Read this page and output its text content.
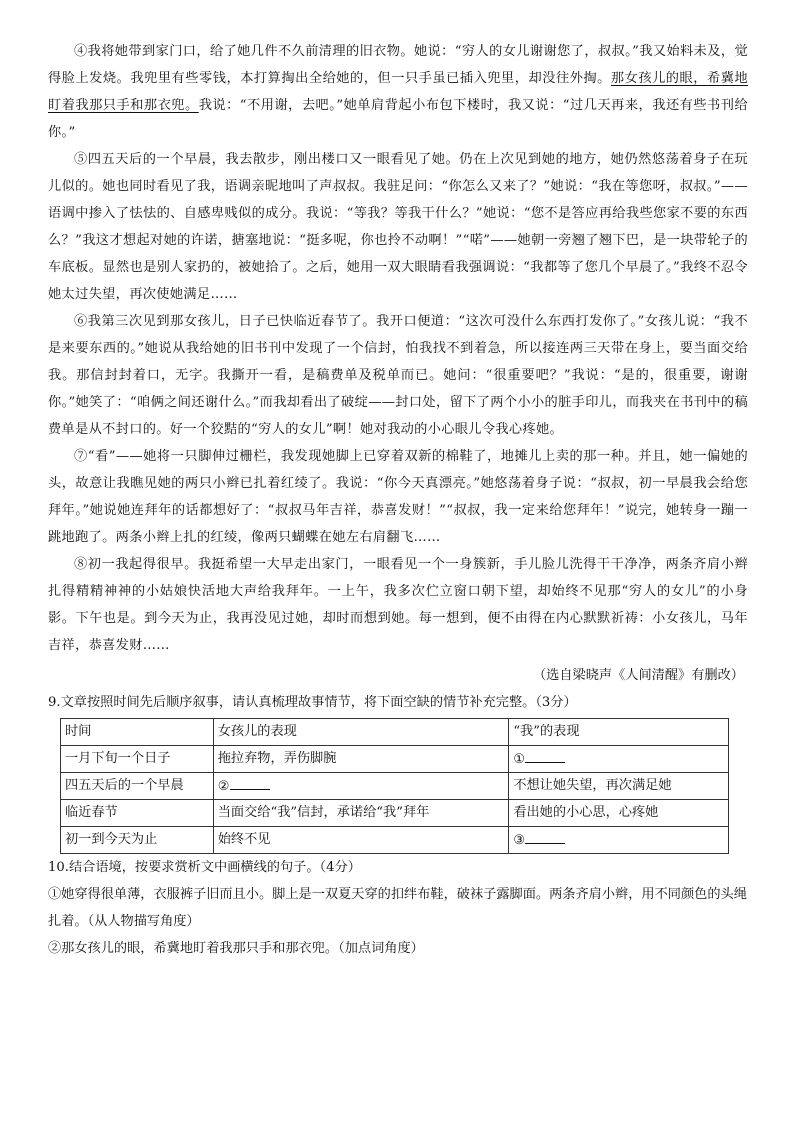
④我将她带到家门口，给了她几件不久前清理的旧衣物。她说：“穷人的女儿谢谢您了，叔叔。”我又始料未及，觉得脸上发烧。我兜里有些零钱，本打算掏出全给她的，但一只手虽已插入兜里，却没往外掏。那女孩儿的眼，希冀地盯着我那只手和那衣兜。我说：“不用谢，去吧。”她单肩背起小布包下楼时，我又说：“过几天再来，我还有些书刊给你。”

⑤四五天后的一个早晨，我去散步，刚出楼口又一眼看见了她。仍在上次见到她的地方，她仍然悠荡着身子在玩儿似的。她也同时看见了我，语调亲昵地叫了声叔叔。我驻足问：“你怎么又来了？”她说：“我在等您呀，叔叔。”——语调中掺入了怯怯的、自感卑贱似的成分。我说：“等我？等我干什么？”她说：“您不是答应再给我些您家不要的东西么？”我这才想起对她的许诺，搪塞地说：“挺多呢，你也拎不动啊！”“喏”——她朝一旁翘了翘下巴，是一块带轮子的车底板。显然也是别人家扔的，被她拾了。之后，她用一双大眼睛看我强调说：“我都等了您几个早晨了。”我终不忍令她太过失望，再次使她满足……

⑥我第三次见到那女孩儿，日子已快临近春节了。我开口便道：“这次可没什么东西打发你了。”女孩儿说：“我不是来要东西的。”她说从我给她的旧书刊中发现了一个信封，怕我找不到着急，所以接连两三天带在身上，要当面交给我。那信封封着口，无字。我撕开一看，是稿费单及税单而已。她问：“很重要吧？”我说：“是的，很重要，谢谢你。”她笑了：“咱俩之间还谢什么。”而我却看出了破绽——封口处，留下了两个小小的脏手印儿，而我夹在书刊中的稿费单是从不封口的。好一个狡黠的“穷人的女儿”啊！她对我动的小心眼儿令我心疼她。

⑦“看”——她将一只脚伸过栅栏，我发现她脚上已穿着双新的棉鞋了，地摊儿上卖的那一种。并且，她一偏她的头，故意让我瞧见她的两只小辫已扎着红绫了。我说：“你今天真漂亮。”她悠荡着身子说：“叔叔，初一早晨我会给您拜年。”她说她连拜年的话都想好了：“叔叔马年吉祥，恭喜发财！”“叔叔，我一定来给您拜年！”说完，她转身一蹦一跳地跑了。两条小辫上扎的红绫，像两只蝴蝶在她左右肩翻飞……

⑧初一我起得很早。我挺希望一大早走出家门，一眼看见一个一身簇新，手儿脸儿洗得干干净净，两条齐肩小辫扎得精精神神的小姑娘快活地大声给我拜年。一上午，我多次伫立窗口朝下望，却始终不见那“穷人的女儿”的小身影。下午也是。到今天为止，我再没见过她，却时而想到她。每一想到，便不由得在内心默默祈祷：小女孩儿，马年吉祥，恭喜发财……

（选自梁晓声《人间清醒》有删改）

9.文章按照时间先后顺序叙事，请认真梳理故事情节，将下面空缺的情节补充完整。（3分）

时间	女孩儿的表现	“我”的表现
一月下旬一个日子	拖拉弃物，弄伤脚腕	①
四五天后的一个早晨	②	不想让她失望，再次满足她
临近春节	当面交给“我”信封，承诺给“我”拜年	看出她的小心思，心疼她
初一到今天为止	始终不见	③

10.结合语境，按要求赏析文中画横线的句子。（4分）

①她穿得很单薄，衣服裤子旧而且小。脚上是一双夏天穿的扣绊布鞋，破袜子露脚面。两条齐肩小辫，用不同颜色的头绳扎着。（从人物描写角度）

②那女孩儿的眼，希冀地盯着我那只手和那衣兜。（加点词角度）
